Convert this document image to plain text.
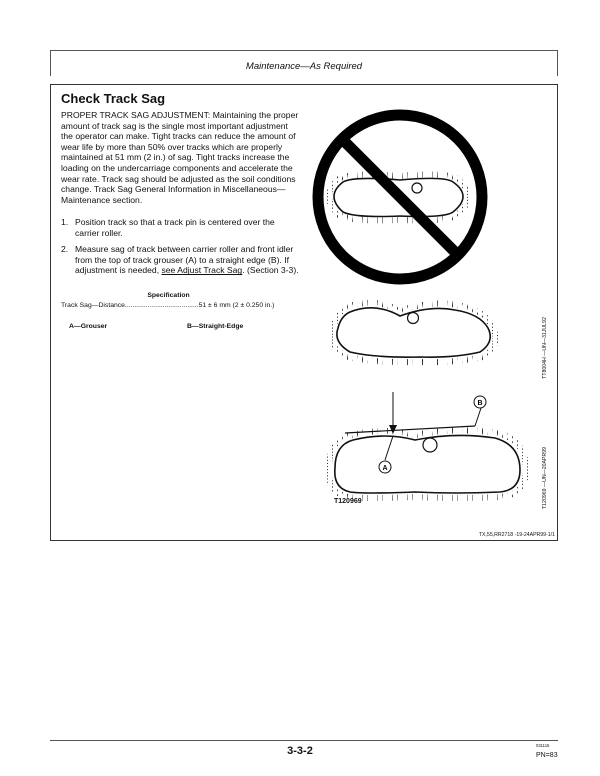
Maintenance—As Required
Check Track Sag
PROPER TRACK SAG ADJUSTMENT: Maintaining the proper amount of track sag is the single most important adjustment the operator can make. Tight tracks can reduce the amount of wear life by more than 50% over tracks which are properly maintained at 51 mm (2 in.) of sag. Tight tracks increase the loading on the undercarriage components and accelerate the wear rate. Track sag should be adjusted as the soil conditions change. Track Sag General Information in Miscellaneous—Maintenance section.
1. Position track so that a track pin is centered over the carrier roller.
2. Measure sag of track between carrier roller and front idler from the top of track grouser (A) to a straight edge (B). If adjustment is needed, see Adjust Track Sag. (Section 3-3).
Specification
Track Sag—Distance.......................................51 ± 6 mm (2 ± 0.250 in.)
A—Grouser	B—Straight-Edge
B
A
TT8004H —UN—31JUL92
T120969 —UN—20APR99
T120969
TX,55,RR2718 -19-24APR99-1/1
3-3-2	031115
PN=83
